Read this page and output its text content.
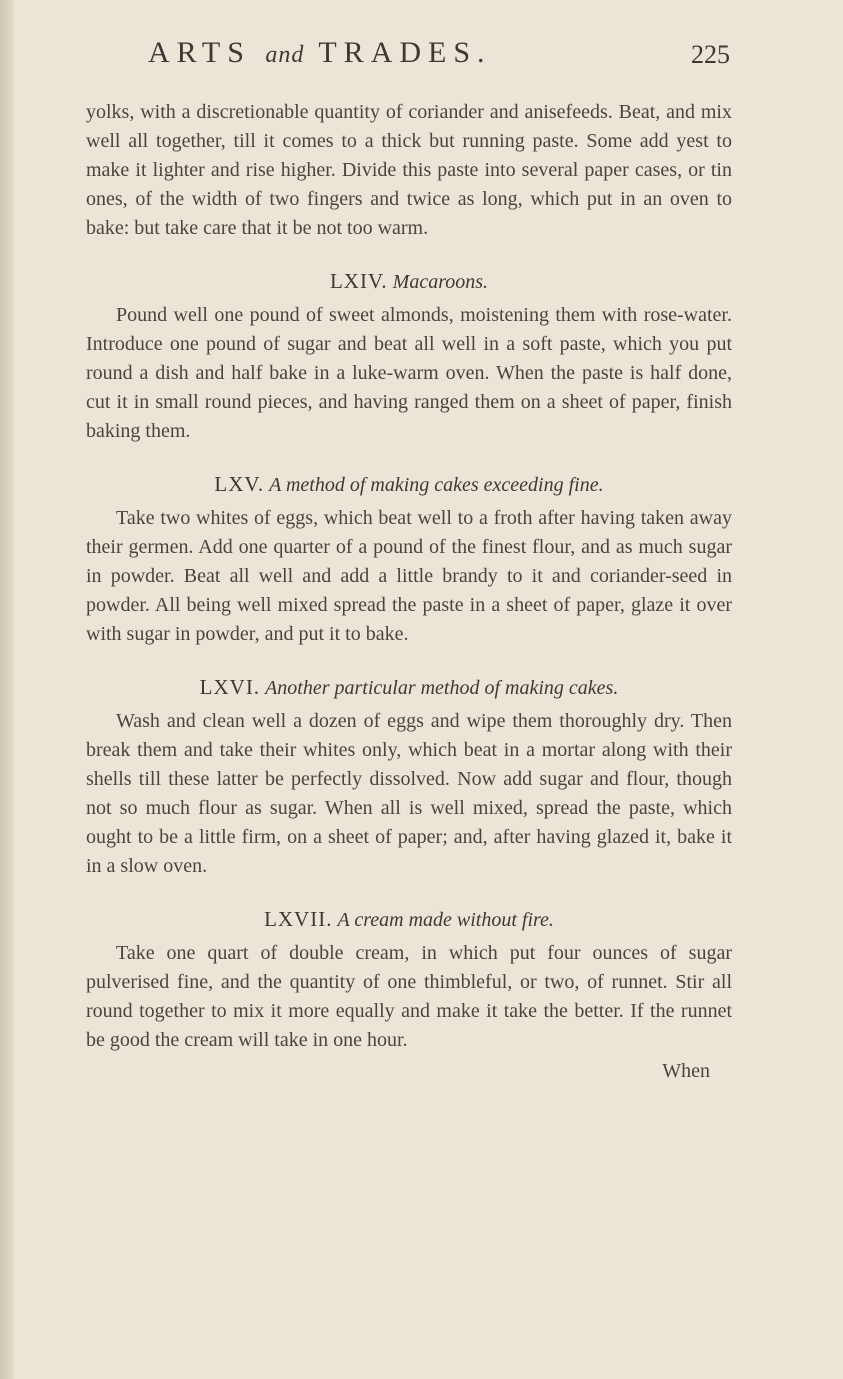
ARTS and TRADES.	225

yolks, with a discretionable quantity of coriander and anisefeeds. Beat, and mix well all together, till it comes to a thick but running paste. Some add yest to make it lighter and rise higher. Divide this paste into several paper cases, or tin ones, of the width of two fingers and twice as long, which put in an oven to bake: but take care that it be not too warm.

LXIV. Macaroons.

Pound well one pound of sweet almonds, moistening them with rose-water. Introduce one pound of sugar and beat all well in a soft paste, which you put round a dish and half bake in a luke-warm oven. When the paste is half done, cut it in small round pieces, and having ranged them on a sheet of paper, finish baking them.

LXV. A method of making cakes exceeding fine.

Take two whites of eggs, which beat well to a froth after having taken away their germen. Add one quarter of a pound of the finest flour, and as much sugar in powder. Beat all well and add a little brandy to it and coriander-seed in powder. All being well mixed spread the paste in a sheet of paper, glaze it over with sugar in powder, and put it to bake.

LXVI. Another particular method of making cakes.

Wash and clean well a dozen of eggs and wipe them thoroughly dry. Then break them and take their whites only, which beat in a mortar along with their shells till these latter be perfectly dissolved. Now add sugar and flour, though not so much flour as sugar. When all is well mixed, spread the paste, which ought to be a little firm, on a sheet of paper; and, after having glazed it, bake it in a slow oven.

LXVII. A cream made without fire.

Take one quart of double cream, in which put four ounces of sugar pulverised fine, and the quantity of one thimbleful, or two, of runnet. Stir all round together to mix it more equally and make it take the better. If the runnet be good the cream will take in one hour.

When
